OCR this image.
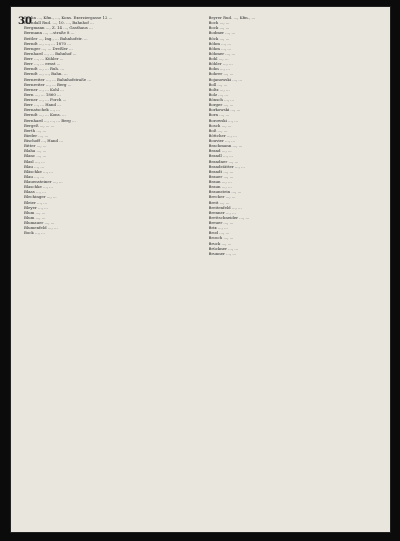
30

Berlin ..., Kfm., ..., Kons. Exerziergasse 12 ...

Borndall Rud. ..., 10. ..., Bahnhof ...

Bergmann ..., Z. 14 ..., Gasthaus ...

Bermann ..., ...straße 8 ...

Beitler ..., Ing., ... Bahnhofstr. ...

Berndt ..., ..., ... 1870 ...

Bernger ..., ... Dreßler ...

Bernhard ..., ... Bahnhof ...

Berr ..., ... Kühler ...

Berr ..., ... ernst ...

Berndt ..., ... Ruh. ...

Berndt ..., ..., Bahn. ...

Bernreiter ..., ... Bahnhofstraße ...

Bernreiter ..., ... Berg ...

Berner ..., ... Kohl ...

Bern ..., ... 1860 ...

Berner ..., ... Forch ...

Berr ..., ... Hand ...

Bernatschek ..., ...

Berndt ..., ... Kons. ...

Bernhard ..., ..., ... Berg ...

Bergeß ..., ... ...

Berth ..., ...

Bieder ..., ...

Bischoff ..., Hand ...

Bitter ..., ...

Blaha ..., ...

Blanc ..., ...

Blasl ..., ...

Blau ..., ...

Bläschke ..., ...

Blau ..., ...

Blauensteiner ..., ...

Blaschke ..., ...

Blaas ..., ...

Blechinger ..., ...

Bleier ..., ...

Bleyer ..., ...

Blum ..., ...

Blum ..., ...

Blumauer ..., ...

Blumenfeld ..., ...

Bock ..., ...

Beyrer Rud. ..., Kfm., ...

Boch ..., ...

Bock ..., ...

Bodmer ..., ...

Böck ..., ...

Böhm ..., ...

Böhm ..., ...

Böhmer ..., ...

Bohl ..., ...

Böhler ..., ...

Bohn ..., ...

Bohrer ..., ...

Bojanowski ..., ...

Boll ..., ...

Boltz ..., ...

Bolz ..., ...

Bönsch ..., ...

Borger ..., ...

Borkowski ..., ...

Born ..., ...

Borowski ..., ...

Bosch ..., ...

Boß ..., ...

Böttcher ..., ...

Bouvier ..., ...

Brachmann ..., ...

Brand ..., ...

Brandl ..., ...

Brandner ..., ...

Brandstätter ..., ...

Brandt ..., ...

Brauer ..., ...

Braun ..., ...

Braun ..., ...

Braunstein ..., ...

Brecher ..., ...

Breit ..., ...

Breitenfeld ..., ...

Brenner ..., ...

Brettschneider ..., ...

Breuer ..., ...

Brix ..., ...

Brod ..., ...

Brosch ..., ...

Bruck ..., ...

Brückner ..., ...

Brunner ..., ...
